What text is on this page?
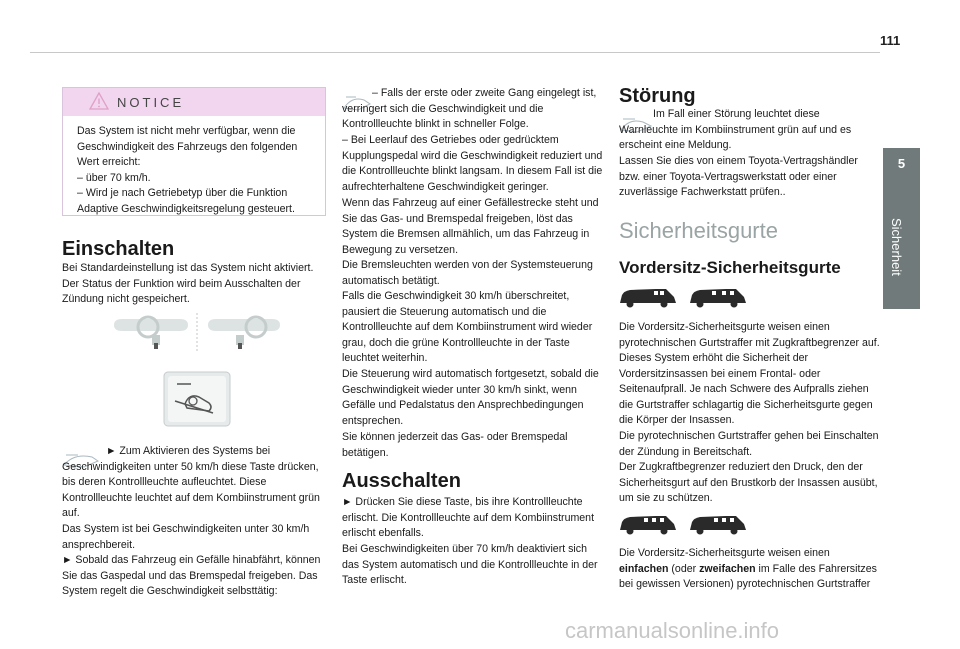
111
5
Sicherheit
NOTICE

Das System ist nicht mehr verfügbar, wenn die Geschwindigkeit des Fahrzeugs den folgenden Wert erreicht:

– über 70 km/h.

– Wird je nach Getriebetyp über die Funktion Adaptive Geschwindigkeitsregelung gesteuert.

Einschalten

Bei Standardeinstellung ist das System nicht aktiviert. Der Status der Funktion wird beim Ausschalten der Zündung nicht gespeichert.

► Zum Aktivieren des Systems bei Geschwindigkeiten unter 50 km/h diese Taste drücken, bis deren Kontrollleuchte aufleuchtet. Diese Kontrollleuchte leuchtet auf dem Kombiinstrument grün auf.

Das System ist bei Geschwindigkeiten unter 30 km/h ansprechbereit.

► Sobald das Fahrzeug ein Gefälle hinabfährt, können Sie das Gaspedal und das Bremspedal freigeben. Das System regelt die Geschwindigkeit selbsttätig:

– Falls der erste oder zweite Gang eingelegt ist, verringert sich die Geschwindigkeit und die Kontrollleuchte blinkt in schneller Folge.

– Bei Leerlauf des Getriebes oder gedrücktem Kupplungspedal wird die Geschwindigkeit reduziert und die Kontrollleuchte blinkt langsam. In diesem Fall ist die aufrechterhaltene Geschwindigkeit geringer.

Wenn das Fahrzeug auf einer Gefällestrecke steht und Sie das Gas- und Bremspedal freigeben, löst das System die Bremsen allmählich, um das Fahrzeug in Bewegung zu versetzen.

Die Bremsleuchten werden von der Systemsteuerung automatisch betätigt.

Falls die Geschwindigkeit 30 km/h überschreitet, pausiert die Steuerung automatisch und die Kontrollleuchte auf dem Kombiinstrument wird wieder grau, doch die grüne Kontrollleuchte in der Taste leuchtet weiterhin.

Die Steuerung wird automatisch fortgesetzt, sobald die Geschwindigkeit wieder unter 30 km/h sinkt, wenn Gefälle und Pedalstatus den Ansprechbedingungen entsprechen.

Sie können jederzeit das Gas- oder Bremspedal betätigen.

Ausschalten

► Drücken Sie diese Taste, bis ihre Kontrollleuchte erlischt. Die Kontrollleuchte auf dem Kombiinstrument erlischt ebenfalls.

Bei Geschwindigkeiten über 70 km/h deaktiviert sich das System automatisch und die Kontrollleuchte in der Taste erlischt.

Störung

Im Fall einer Störung leuchtet diese Warnleuchte im Kombiinstrument grün auf und es erscheint eine Meldung.

Lassen Sie dies von einem Toyota-Vertragshändler bzw. einer Toyota-Vertragswerkstatt oder einer zuverlässige Fachwerkstatt prüfen..

Sicherheitsgurte
Vordersitz-Sicherheitsgurte

Die Vordersitz-Sicherheitsgurte weisen einen pyrotechnischen Gurtstraffer mit Zugkraftbegrenzer auf.

Dieses System erhöht die Sicherheit der Vordersitzinsassen bei einem Frontal- oder Seitenaufprall. Je nach Schwere des Aufpralls ziehen die Gurtstraffer schlagartig die Sicherheitsgurte gegen die Körper der Insassen.

Die pyrotechnischen Gurtstraffer gehen bei Einschalten der Zündung in Bereitschaft.

Der Zugkraftbegrenzer reduziert den Druck, den der Sicherheitsgurt auf den Brustkorb der Insassen ausübt, um sie zu schützen.

Die Vordersitz-Sicherheitsgurte weisen einen einfachen (oder zweifachen im Falle des Fahrersitzes bei gewissen Versionen) pyrotechnischen Gurtstraffer

carmanualsonline.info
